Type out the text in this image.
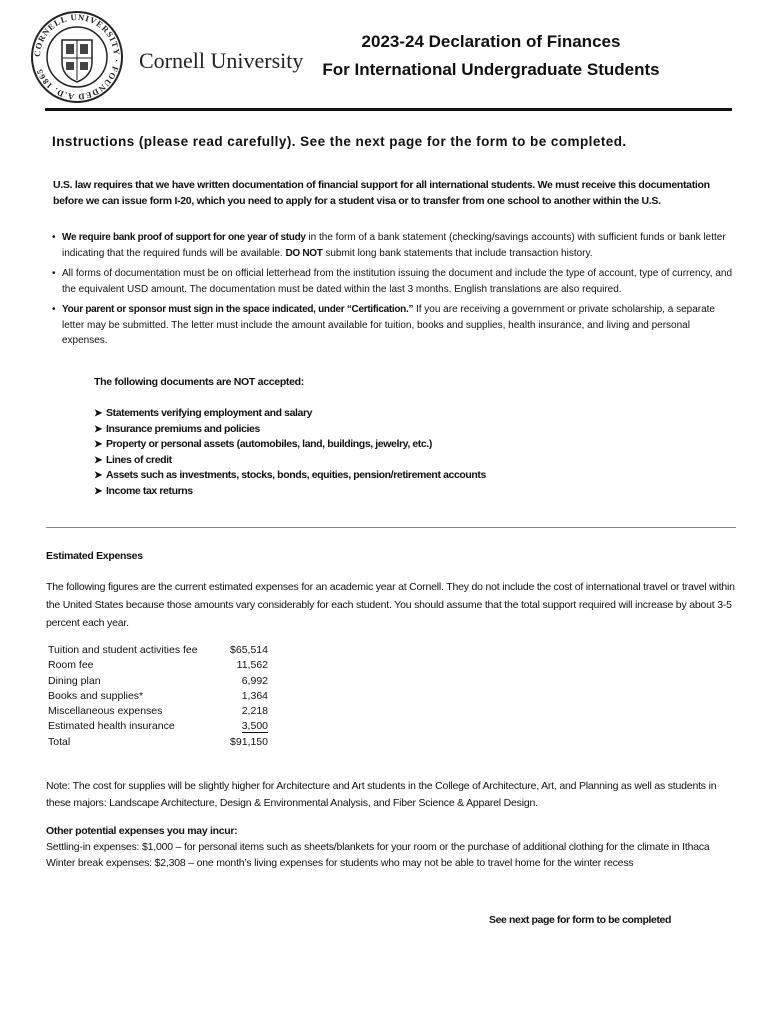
CORNELL UNIVERSITY · FOUNDED A.D. 1865	Cornell University
2023-24 Declaration of Finances
For International Undergraduate Students
Instructions (please read carefully). See the next page for the form to be completed.
U.S. law requires that we have written documentation of financial support for all international students. We must receive this documentation before we can issue form I-20, which you need to apply for a student visa or to transfer from one school to another within the U.S.
• We require bank proof of support for one year of study in the form of a bank statement (checking/savings accounts) with sufficient funds or bank letter indicating that the required funds will be available. DO NOT submit long bank statements that include transaction history.
• All forms of documentation must be on official letterhead from the institution issuing the document and include the type of account, type of currency, and the equivalent USD amount. The documentation must be dated within the last 3 months. English translations are also required.
• Your parent or sponsor must sign in the space indicated, under “Certification.” If you are receiving a government or private scholarship, a separate letter may be submitted. The letter must include the amount available for tuition, books and supplies, health insurance, and living and personal expenses.
The following documents are NOT accepted:
➤ Statements verifying employment and salary
➤ Insurance premiums and policies
➤ Property or personal assets (automobiles, land, buildings, jewelry, etc.)
➤ Lines of credit
➤ Assets such as investments, stocks, bonds, equities, pension/retirement accounts
➤ Income tax returns
Estimated Expenses
The following figures are the current estimated expenses for an academic year at Cornell. They do not include the cost of international travel or travel within the United States because those amounts vary considerably for each student. You should assume that the total support required will increase by about 3-5 percent each year.
Tuition and student activities fee	$65,514
Room fee	11,562
Dining plan	6,992
Books and supplies*	1,364
Miscellaneous expenses	2,218
Estimated health insurance	3,500
Total	$91,150
Note: The cost for supplies will be slightly higher for Architecture and Art students in the College of Architecture, Art, and Planning as well as students in these majors: Landscape Architecture, Design & Environmental Analysis, and Fiber Science & Apparel Design.
Other potential expenses you may incur:
Settling-in expenses: $1,000 – for personal items such as sheets/blankets for your room or the purchase of additional clothing for the climate in Ithaca
Winter break expenses: $2,308 – one month’s living expenses for students who may not be able to travel home for the winter recess
See next page for form to be completed
